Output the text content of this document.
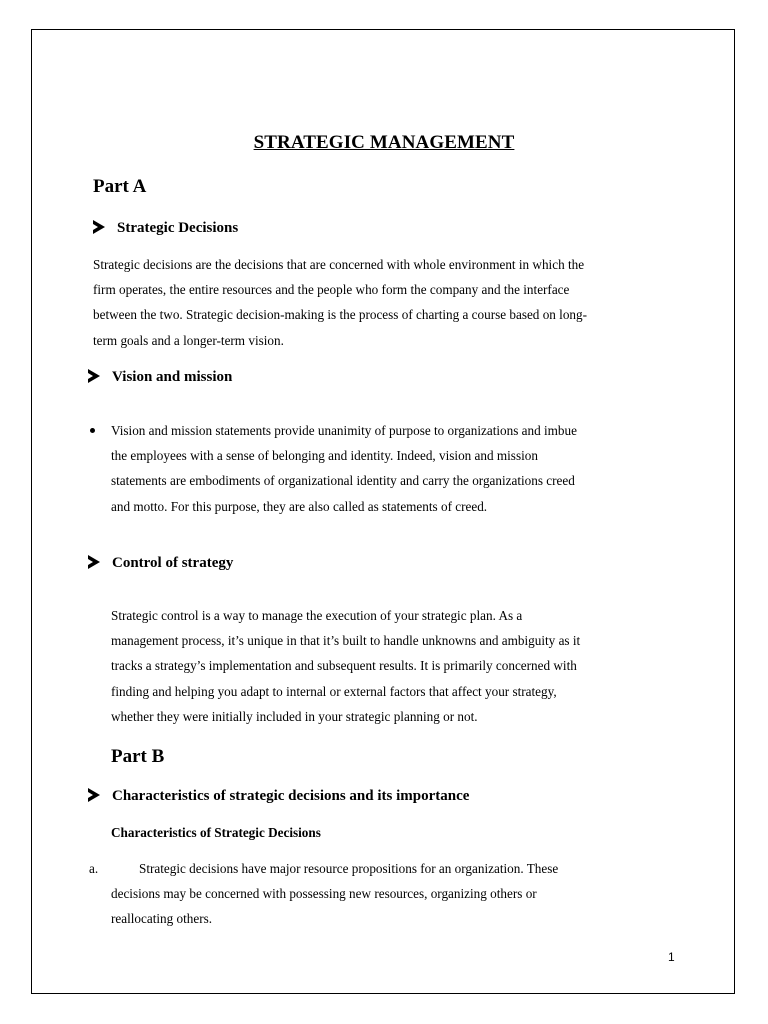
STRATEGIC MANAGEMENT
Part A
Strategic Decisions
Strategic decisions are the decisions that are concerned with whole environment in which the
firm operates, the entire resources and the people who form the company and the interface
between the two. Strategic decision-making is the process of charting a course based on long-
term goals and a longer-term vision.
Vision and mission
Vision and mission statements provide unanimity of purpose to organizations and imbue
the employees with a sense of belonging and identity. Indeed, vision and mission
statements are embodiments of organizational identity and carry the organizations creed
and motto. For this purpose, they are also called as statements of creed.
Control of strategy
Strategic control is a way to manage the execution of your strategic plan. As a
management process, it’s unique in that it’s built to handle unknowns and ambiguity as it
tracks a strategy’s implementation and subsequent results. It is primarily concerned with
finding and helping you adapt to internal or external factors that affect your strategy,
whether they were initially included in your strategic planning or not.
Part B
Characteristics of strategic decisions and its importance
Characteristics of Strategic Decisions
a.	Strategic decisions have major resource propositions for an organization. These
decisions may be concerned with possessing new resources, organizing others or
reallocating others.
1
